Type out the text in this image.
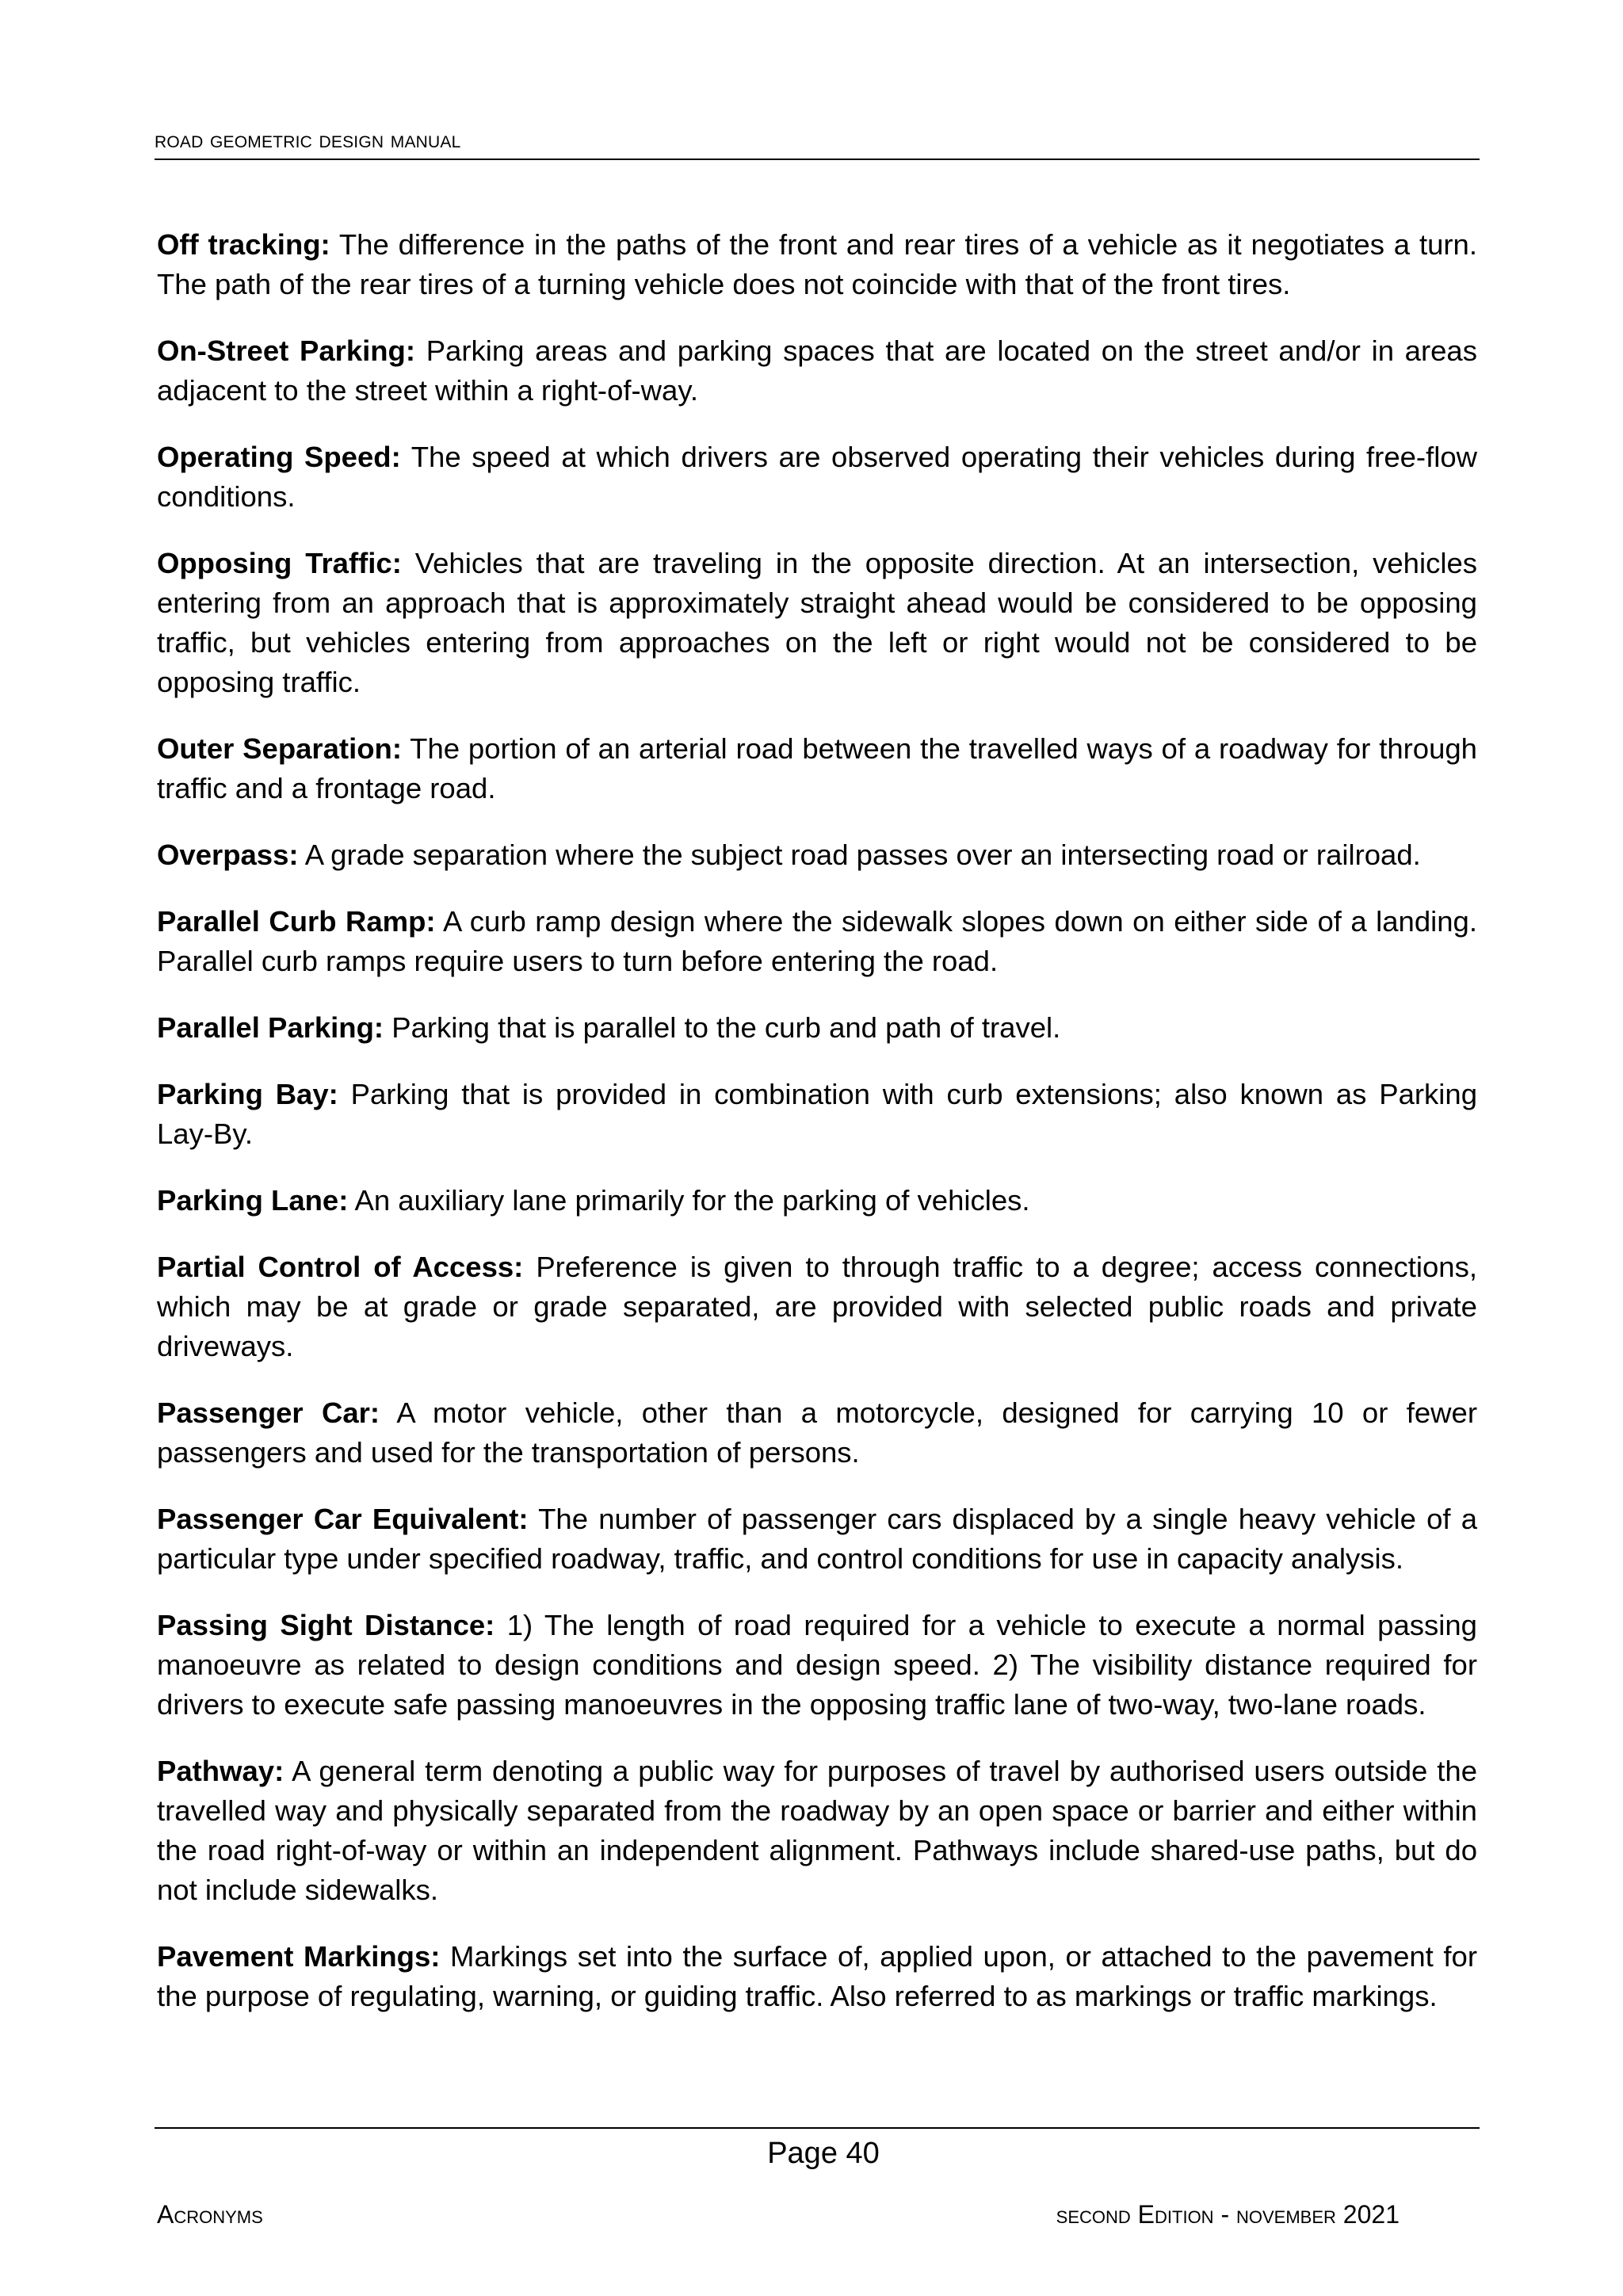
road geometric design manual

Off tracking: The difference in the paths of the front and rear tires of a vehicle as it negotiates a turn. The path of the rear tires of a turning vehicle does not coincide with that of the front tires.

On-Street Parking: Parking areas and parking spaces that are located on the street and/or in areas adjacent to the street within a right-of-way.

Operating Speed: The speed at which drivers are observed operating their vehicles during free-flow conditions.

Opposing Traffic: Vehicles that are traveling in the opposite direction. At an intersection, vehicles entering from an approach that is approximately straight ahead would be considered to be opposing traffic, but vehicles entering from approaches on the left or right would not be considered to be opposing traffic.

Outer Separation: The portion of an arterial road between the travelled ways of a roadway for through traffic and a frontage road.

Overpass: A grade separation where the subject road passes over an intersecting road or railroad.

Parallel Curb Ramp: A curb ramp design where the sidewalk slopes down on either side of a landing. Parallel curb ramps require users to turn before entering the road.

Parallel Parking: Parking that is parallel to the curb and path of travel.

Parking Bay: Parking that is provided in combination with curb extensions; also known as Parking Lay-By.

Parking Lane: An auxiliary lane primarily for the parking of vehicles.

Partial Control of Access: Preference is given to through traffic to a degree; access connections, which may be at grade or grade separated, are provided with selected public roads and private driveways.

Passenger Car: A motor vehicle, other than a motorcycle, designed for carrying 10 or fewer passengers and used for the transportation of persons.

Passenger Car Equivalent: The number of passenger cars displaced by a single heavy vehicle of a particular type under specified roadway, traffic, and control conditions for use in capacity analysis.

Passing Sight Distance: 1) The length of road required for a vehicle to execute a normal passing manoeuvre as related to design conditions and design speed. 2) The visibility distance required for drivers to execute safe passing manoeuvres in the opposing traffic lane of two-way, two-lane roads.

Pathway: A general term denoting a public way for purposes of travel by authorised users outside the travelled way and physically separated from the roadway by an open space or barrier and either within the road right-of-way or within an independent alignment. Pathways include shared-use paths, but do not include sidewalks.

Pavement Markings: Markings set into the surface of, applied upon, or attached to the pavement for the purpose of regulating, warning, or guiding traffic. Also referred to as markings or traffic markings.

Page 40
Acronyms	second Edition - november 2021
